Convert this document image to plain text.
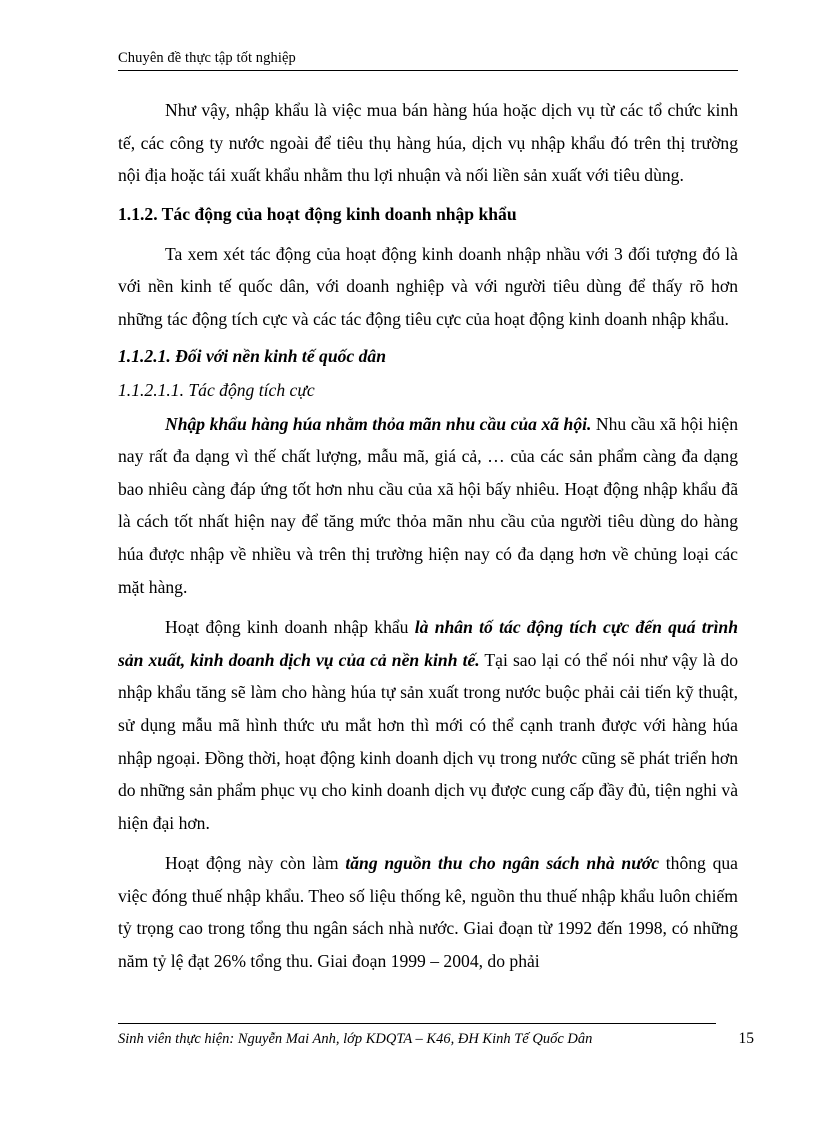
Chuyên đề thực tập tốt nghiệp

Như vậy, nhập khẩu là việc mua bán hàng húa hoặc dịch vụ từ các tổ chức kinh tế, các công ty nước ngoài để tiêu thụ hàng húa, dịch vụ nhập khẩu đó trên thị trường nội địa hoặc tái xuất khẩu nhằm thu lợi nhuận và nối liền sản xuất với tiêu dùng.

1.1.2. Tác động của hoạt động kinh doanh nhập khẩu

Ta xem xét tác động của hoạt động kinh doanh nhập nhầu với 3 đối tượng đó là với nền kinh tế quốc dân, với doanh nghiệp và với người tiêu dùng để thấy rõ hơn những tác động tích cực và các tác động tiêu cực của hoạt động kinh doanh nhập khẩu.

1.1.2.1. Đối với nền kinh tế quốc dân
1.1.2.1.1. Tác động tích cực

Nhập khẩu hàng húa nhằm thỏa mãn nhu cầu của xã hội. Nhu cầu xã hội hiện nay rất đa dạng vì thế chất lượng, mẫu mã, giá cả, … của các sản phẩm càng đa dạng bao nhiêu càng đáp ứng tốt hơn nhu cầu của xã hội bấy nhiêu. Hoạt động nhập khẩu đã là cách tốt nhất hiện nay để tăng mức thỏa mãn nhu cầu của người tiêu dùng do hàng húa được nhập về nhiều và trên thị trường hiện nay có đa dạng hơn về chủng loại các mặt hàng.

Hoạt động kinh doanh nhập khẩu là nhân tố tác động tích cực đến quá trình sản xuất, kinh doanh dịch vụ của cả nền kinh tế. Tại sao lại có thể nói như vậy là do nhập khẩu tăng sẽ làm cho hàng húa tự sản xuất trong nước buộc phải cải tiến kỹ thuật, sử dụng mẫu mã hình thức ưu mắt hơn thì mới có thể cạnh tranh được với hàng húa nhập ngoại. Đồng thời, hoạt động kinh doanh dịch vụ trong nước cũng sẽ phát triển hơn do những sản phẩm phục vụ cho kinh doanh dịch vụ được cung cấp đầy đủ, tiện nghi và hiện đại hơn.

Hoạt động này còn làm tăng nguồn thu cho ngân sách nhà nước thông qua việc đóng thuế nhập khẩu. Theo số liệu thống kê, nguồn thu thuế nhập khẩu luôn chiếm tỷ trọng cao trong tổng thu ngân sách nhà nước. Giai đoạn từ 1992 đến 1998, có những năm tỷ lệ đạt 26% tổng thu. Giai đoạn 1999 – 2004, do phải

Sinh viên thực hiện: Nguyễn Mai Anh, lớp KDQTA – K46, ĐH Kinh Tế Quốc Dân	15
